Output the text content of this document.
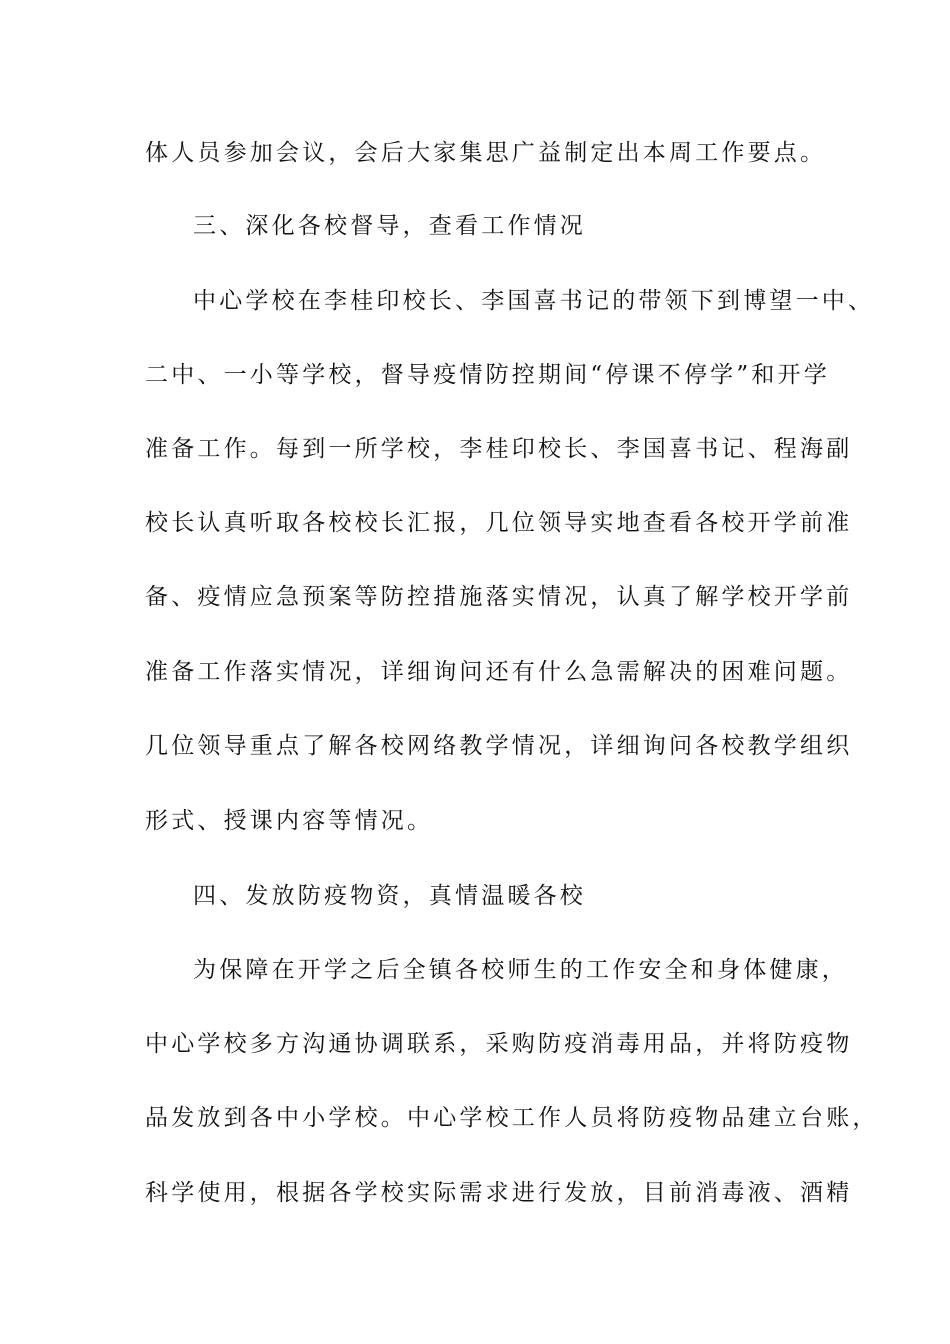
体人员参加会议，会后大家集思广益制定出本周工作要点。
三、深化各校督导，查看工作情况
中心学校在李桂印校长、李国喜书记的带领下到博望一中、
二中、一小等学校，督导疫情防控期间“停课不停学”和开学
准备工作。每到一所学校，李桂印校长、李国喜书记、程海副
校长认真听取各校校长汇报，几位领导实地查看各校开学前准
备、疫情应急预案等防控措施落实情况，认真了解学校开学前
准备工作落实情况，详细询问还有什么急需解决的困难问题。
几位领导重点了解各校网络教学情况，详细询问各校教学组织
形式、授课内容等情况。
四、发放防疫物资，真情温暖各校
为保障在开学之后全镇各校师生的工作安全和身体健康，
中心学校多方沟通协调联系，采购防疫消毒用品，并将防疫物
品发放到各中小学校。中心学校工作人员将防疫物品建立台账，
科学使用，根据各学校实际需求进行发放，目前消毒液、酒精
